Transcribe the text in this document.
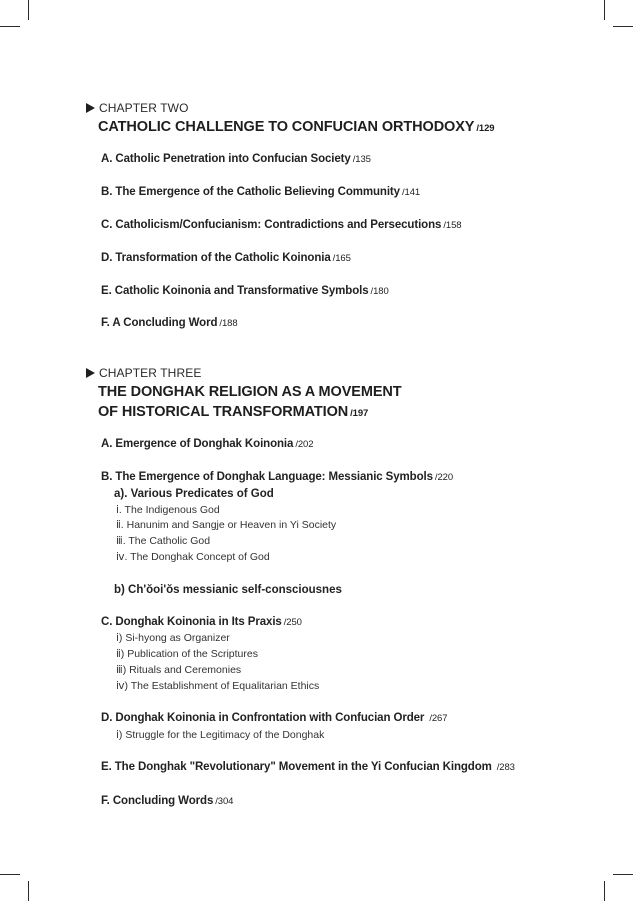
CHAPTER TWO
CATHOLIC CHALLENGE TO CONFUCIAN ORTHODOXY /129
A. Catholic Penetration into Confucian Society /135
B. The Emergence of the Catholic Believing Community /141
C. Catholicism/Confucianism: Contradictions and Persecutions /158
D. Transformation of the Catholic Koinonia /165
E. Catholic Koinonia and Transformative Symbols /180
F. A Concluding Word /188
CHAPTER THREE
THE DONGHAK RELIGION AS A MOVEMENT
OF HISTORICAL TRANSFORMATION /197
A. Emergence of Donghak Koinonia /202
B. The Emergence of Donghak Language: Messianic Symbols /220
a). Various Predicates of God
ⅰ. The Indigenous God
ⅱ. Hanunim and Sangje or Heaven in Yi Society
ⅲ. The Catholic God
ⅳ. The Donghak Concept of God
b) Ch'ŏoi'ŏs messianic self-consciousnes
C. Donghak Koinonia in Its Praxis /250
ⅰ) Si-hyong as Organizer
ⅱ) Publication of the Scriptures
ⅲ) Rituals and Ceremonies
ⅳ) The Establishment of Equalitarian Ethics
D. Donghak Koinonia in Confrontation with Confucian Order /267
ⅰ) Struggle for the Legitimacy of the Donghak
E. The Donghak "Revolutionary" Movement in the Yi Confucian Kingdom /283
F. Concluding Words /304
